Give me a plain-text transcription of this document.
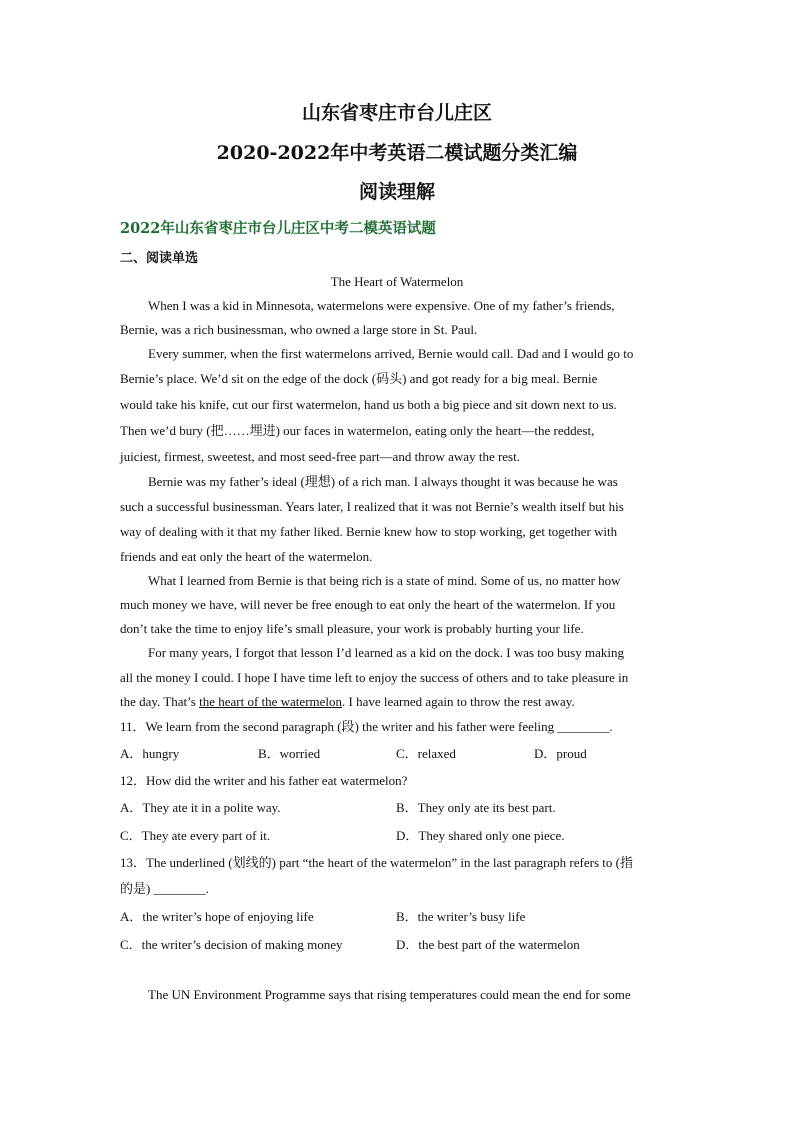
山东省枣庄市台儿庄区
2020-2022年中考英语二模试题分类汇编
阅读理解
2022年山东省枣庄市台儿庄区中考二模英语试题
二、阅读单选
The Heart of Watermelon
When I was a kid in Minnesota, watermelons were expensive. One of my father’s friends,
Bernie, was a rich businessman, who owned a large store in St. Paul.
Every summer, when the first watermelons arrived, Bernie would call. Dad and I would go to
Bernie’s place. We’d sit on the edge of the dock (码头) and got ready for a big meal. Bernie
would take his knife, cut our first watermelon, hand us both a big piece and sit down next to us.
Then we’d bury (把……埋进) our faces in watermelon, eating only the heart—the reddest,
juiciest, firmest, sweetest, and most seed-free part—and throw away the rest.
Bernie was my father’s ideal (理想) of a rich man. I always thought it was because he was
such a successful businessman. Years later, I realized that it was not Bernie’s wealth itself but his
way of dealing with it that my father liked. Bernie knew how to stop working, get together with
friends and eat only the heart of the watermelon.
What I learned from Bernie is that being rich is a state of mind. Some of us, no matter how
much money we have, will never be free enough to eat only the heart of the watermelon. If you
don’t take the time to enjoy life’s small pleasure, your work is probably hurting your life.
For many years, I forgot that lesson I’d learned as a kid on the dock. I was too busy making
all the money I could. I hope I have time left to enjoy the success of others and to take pleasure in
the day. That’s the heart of the watermelon. I have learned again to throw the rest away.
11．We learn from the second paragraph (段) the writer and his father were feeling ________.
A．hungry	B．worried	C．relaxed	D．proud
12．How did the writer and his father eat watermelon?
A．They ate it in a polite way.	B．They only ate its best part.
C．They ate every part of it.	D．They shared only one piece.
13．The underlined (划线的) part “the heart of the watermelon” in the last paragraph refers to (指
的是) ________.
A．the writer’s hope of enjoying life	B．the writer’s busy life
C．the writer’s decision of making money	D．the best part of the watermelon
The UN Environment Programme says that rising temperatures could mean the end for some
